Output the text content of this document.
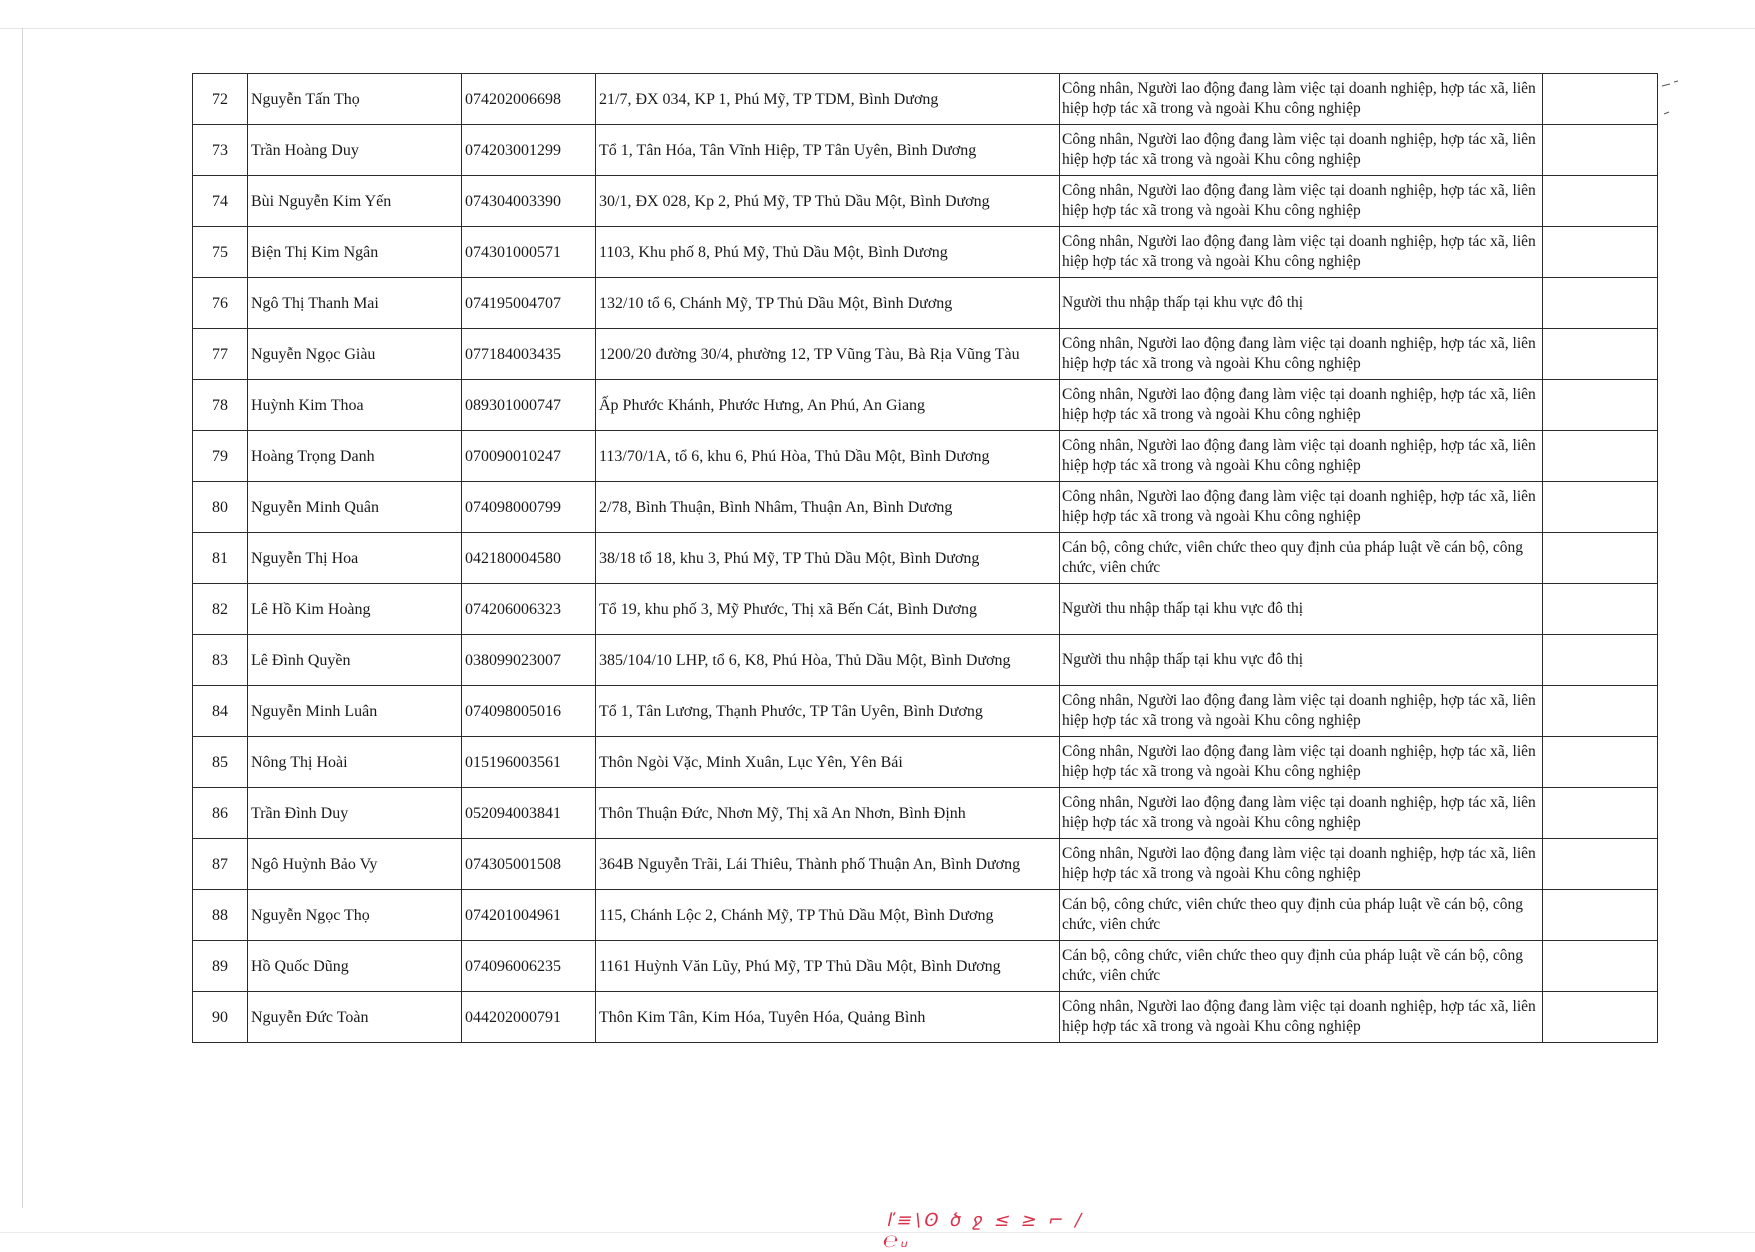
72	Nguyễn Tấn Thọ	074202006698	21/7, ĐX 034, KP 1, Phú Mỹ, TP TDM, Bình Dương	Công nhân, Người lao động đang làm việc tại doanh nghiệp, hợp tác xã, liên hiệp hợp tác xã trong và ngoài Khu công nghiệp	
73	Trần Hoàng Duy	074203001299	Tổ 1, Tân Hóa, Tân Vĩnh Hiệp, TP Tân Uyên, Bình Dương	Công nhân, Người lao động đang làm việc tại doanh nghiệp, hợp tác xã, liên hiệp hợp tác xã trong và ngoài Khu công nghiệp	
74	Bùi Nguyễn Kim Yến	074304003390	30/1, ĐX 028, Kp 2, Phú Mỹ, TP Thủ Dầu Một, Bình Dương	Công nhân, Người lao động đang làm việc tại doanh nghiệp, hợp tác xã, liên hiệp hợp tác xã trong và ngoài Khu công nghiệp	
75	Biện Thị Kim Ngân	074301000571	1103, Khu phố 8, Phú Mỹ, Thủ Dầu Một, Bình Dương	Công nhân, Người lao động đang làm việc tại doanh nghiệp, hợp tác xã, liên hiệp hợp tác xã trong và ngoài Khu công nghiệp	
76	Ngô Thị Thanh Mai	074195004707	132/10 tổ 6, Chánh Mỹ, TP Thủ Dầu Một, Bình Dương	Người thu nhập thấp tại khu vực đô thị	
77	Nguyễn Ngọc Giàu	077184003435	1200/20 đường 30/4, phường 12, TP Vũng Tàu, Bà Rịa Vũng Tàu	Công nhân, Người lao động đang làm việc tại doanh nghiệp, hợp tác xã, liên hiệp hợp tác xã trong và ngoài Khu công nghiệp	
78	Huỳnh Kim Thoa	089301000747	Ấp Phước Khánh, Phước Hưng, An Phú, An Giang	Công nhân, Người lao động đang làm việc tại doanh nghiệp, hợp tác xã, liên hiệp hợp tác xã trong và ngoài Khu công nghiệp	
79	Hoàng Trọng Danh	070090010247	113/70/1A, tổ 6, khu 6, Phú Hòa, Thủ Dầu Một, Bình Dương	Công nhân, Người lao động đang làm việc tại doanh nghiệp, hợp tác xã, liên hiệp hợp tác xã trong và ngoài Khu công nghiệp	
80	Nguyễn Minh Quân	074098000799	2/78, Bình Thuận, Bình Nhâm, Thuận An, Bình Dương	Công nhân, Người lao động đang làm việc tại doanh nghiệp, hợp tác xã, liên hiệp hợp tác xã trong và ngoài Khu công nghiệp	
81	Nguyễn Thị Hoa	042180004580	38/18 tổ 18, khu 3, Phú Mỹ, TP Thủ Dầu Một, Bình Dương	Cán bộ, công chức, viên chức theo quy định của pháp luật về cán bộ, công chức, viên chức	
82	Lê Hồ Kim Hoàng	074206006323	Tổ 19, khu phố 3, Mỹ Phước, Thị xã Bến Cát, Bình Dương	Người thu nhập thấp tại khu vực đô thị	
83	Lê Đình Quyền	038099023007	385/104/10 LHP, tổ 6, K8, Phú Hòa, Thủ Dầu Một, Bình Dương	Người thu nhập thấp tại khu vực đô thị	
84	Nguyễn Minh Luân	074098005016	Tổ 1, Tân Lương, Thạnh Phước, TP Tân Uyên, Bình Dương	Công nhân, Người lao động đang làm việc tại doanh nghiệp, hợp tác xã, liên hiệp hợp tác xã trong và ngoài Khu công nghiệp	
85	Nông Thị Hoài	015196003561	Thôn Ngòi Vặc, Minh Xuân, Lục Yên, Yên Bái	Công nhân, Người lao động đang làm việc tại doanh nghiệp, hợp tác xã, liên hiệp hợp tác xã trong và ngoài Khu công nghiệp	
86	Trần Đình Duy	052094003841	Thôn Thuận Đức, Nhơn Mỹ, Thị xã An Nhơn, Bình Định	Công nhân, Người lao động đang làm việc tại doanh nghiệp, hợp tác xã, liên hiệp hợp tác xã trong và ngoài Khu công nghiệp	
87	Ngô Huỳnh Bảo Vy	074305001508	364B Nguyễn Trãi, Lái Thiêu, Thành phố Thuận An, Bình Dương	Công nhân, Người lao động đang làm việc tại doanh nghiệp, hợp tác xã, liên hiệp hợp tác xã trong và ngoài Khu công nghiệp	
88	Nguyễn Ngọc Thọ	074201004961	115, Chánh Lộc 2, Chánh Mỹ, TP Thủ Dầu Một, Bình Dương	Cán bộ, công chức, viên chức theo quy định của pháp luật về cán bộ, công chức, viên chức	
89	Hồ Quốc Dũng	074096006235	1161 Huỳnh Văn Lũy, Phú Mỹ, TP Thủ Dầu Một, Bình Dương	Cán bộ, công chức, viên chức theo quy định của pháp luật về cán bộ, công chức, viên chức	
90	Nguyễn Đức Toàn	044202000791	Thôn Kim Tân, Kim Hóa, Tuyên Hóa, Quảng Bình	Công nhân, Người lao động đang làm việc tại doanh nghiệp, hợp tác xã, liên hiệp hợp tác xã trong và ngoài Khu công nghiệp	
ľ≡\ʘ ծ ջ ≤ ≥ ⌐ / ℮ᵤ
